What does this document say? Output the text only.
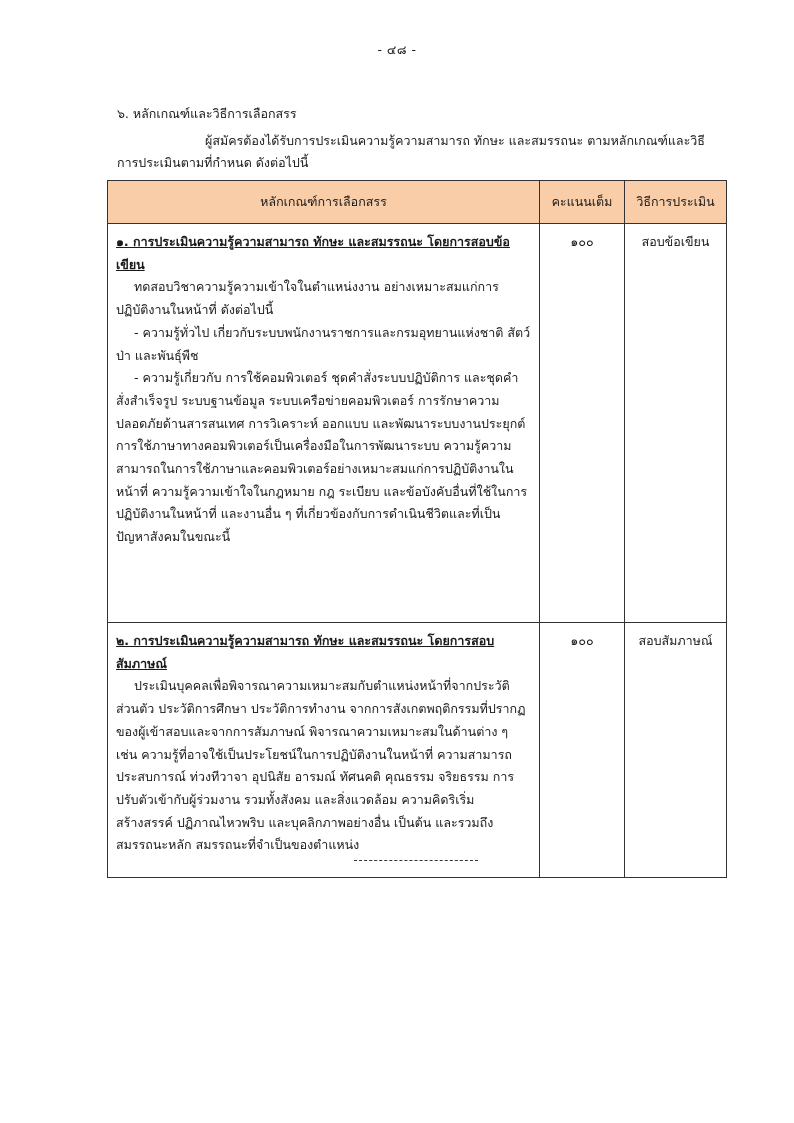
- ๔๘ -
๖. หลักเกณฑ์และวิธีการเลือกสรร
ผู้สมัครต้องได้รับการประเมินความรู้ความสามารถ ทักษะ และสมรรถนะ ตามหลักเกณฑ์และวิธีการประเมินตามที่กำหนด ดังต่อไปนี้
หลักเกณฑ์การเลือกสรร	คะแนนเต็ม	วิธีการประเมิน
๑. การประเมินความรู้ความสามารถ ทักษะ และสมรรถนะ โดยการสอบข้อเขียน
ทดสอบวิชาความรู้ความเข้าใจในตำแหน่งงาน อย่างเหมาะสมแก่การปฏิบัติงานในหน้าที่ ดังต่อไปนี้
- ความรู้ทั่วไป เกี่ยวกับระบบพนักงานราชการและกรมอุทยานแห่งชาติ สัตว์ป่า และพันธุ์พืช
- ความรู้เกี่ยวกับ การใช้คอมพิวเตอร์ ชุดคำสั่งระบบปฏิบัติการ และชุดคำสั่งสำเร็จรูป ระบบฐานข้อมูล ระบบเครือข่ายคอมพิวเตอร์ การรักษาความปลอดภัยด้านสารสนเทศ การวิเคราะห์ ออกแบบ และพัฒนาระบบงานประยุกต์ การใช้ภาษาทางคอมพิวเตอร์เป็นเครื่องมือในการพัฒนาระบบ ความรู้ความสามารถในการใช้ภาษาและคอมพิวเตอร์อย่างเหมาะสมแก่การปฏิบัติงานในหน้าที่ ความรู้ความเข้าใจในกฎหมาย กฎ ระเบียบ และข้อบังคับอื่นที่ใช้ในการปฏิบัติงานในหน้าที่ และงานอื่น ๆ ที่เกี่ยวข้องกับการดำเนินชีวิตและที่เป็นปัญหาสังคมในขณะนี้	๑๐๐	สอบข้อเขียน
๒. การประเมินความรู้ความสามารถ ทักษะ และสมรรถนะ โดยการสอบสัมภาษณ์
ประเมินบุคคลเพื่อพิจารณาความเหมาะสมกับตำแหน่งหน้าที่จากประวัติส่วนตัว ประวัติการศึกษา ประวัติการทำงาน จากการสังเกตพฤติกรรมที่ปรากฏของผู้เข้าสอบและจากการสัมภาษณ์ พิจารณาความเหมาะสมในด้านต่าง ๆ เช่น ความรู้ที่อาจใช้เป็นประโยชน์ในการปฏิบัติงานในหน้าที่ ความสามารถประสบการณ์ ท่วงทีวาจา อุปนิสัย อารมณ์ ทัศนคติ คุณธรรม จริยธรรม การปรับตัวเข้ากับผู้ร่วมงาน รวมทั้งสังคม และสิ่งแวดล้อม ความคิดริเริ่มสร้างสรรค์ ปฏิภาณไหวพริบ และบุคลิกภาพอย่างอื่น เป็นต้น และรวมถึงสมรรถนะหลัก สมรรถนะที่จำเป็นของตำแหน่ง	๑๐๐	สอบสัมภาษณ์
